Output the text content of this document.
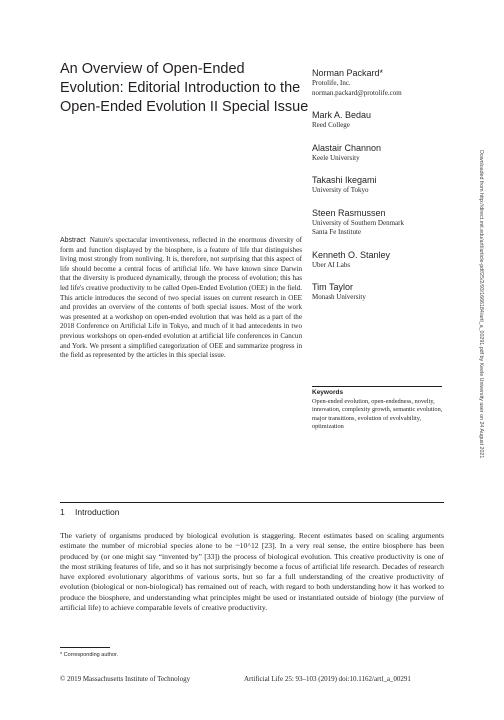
An Overview of Open-Ended Evolution: Editorial Introduction to the Open-Ended Evolution II Special Issue
Norman Packard*
Protolife, Inc.
norman.packard@protolife.com
Mark A. Bedau
Reed College
Alastair Channon
Keele University
Takashi Ikegami
University of Tokyo
Steen Rasmussen
University of Southern Denmark
Santa Fe Institute
Kenneth O. Stanley
Uber AI Labs
Tim Taylor
Monash University

Abstract Nature's spectacular inventiveness, reflected in the enormous diversity of form and function displayed by the biosphere, is a feature of life that distinguishes living most strongly from nonliving. It is, therefore, not surprising that this aspect of life should become a central focus of artificial life. We have known since Darwin that the diversity is produced dynamically, through the process of evolution; this has led life's creative productivity to be called Open-Ended Evolution (OEE) in the field. This article introduces the second of two special issues on current research in OEE and provides an overview of the contents of both special issues. Most of the work was presented at a workshop on open-ended evolution that was held as a part of the 2018 Conference on Artificial Life in Tokyo, and much of it had antecedents in two previous workshops on open-ended evolution at artificial life conferences in Cancun and York. We present a simplified categorization of OEE and summarize progress in the field as represented by the articles in this special issue.

Keywords

Open-ended evolution, open-endedness, novelty, innovation, complexity growth, semantic evolution, major transitions, evolution of evolvability, optimization	Downloaded from http://direct.mit.edu/artl/article-pdf/25/2/93/1666184/artl_a_00291.pdf by Keele University user on 24 August 2021
1 Introduction

The variety of organisms produced by biological evolution is staggering. Recent estimates based on scaling arguments estimate the number of microbial species alone to be ~10^12 [23]. In a very real sense, the entire biosphere has been produced by (or one might say “invented by” [33]) the process of biological evolution. This creative productivity is one of the most striking features of life, and so it has not surprisingly become a focus of artificial life research. Decades of research have explored evolutionary algorithms of various sorts, but so far a full understanding of the creative productivity of evolution (biological or non-biological) has remained out of reach, with regard to both understanding how it has worked to produce the biosphere, and understanding what principles might be used or instantiated outside of biology (the purview of artificial life) to achieve comparable levels of creative productivity.

* Corresponding author.
© 2019 Massachusetts Institute of Technology	Artificial Life 25: 93–103 (2019) doi:10.1162/artl_a_00291
